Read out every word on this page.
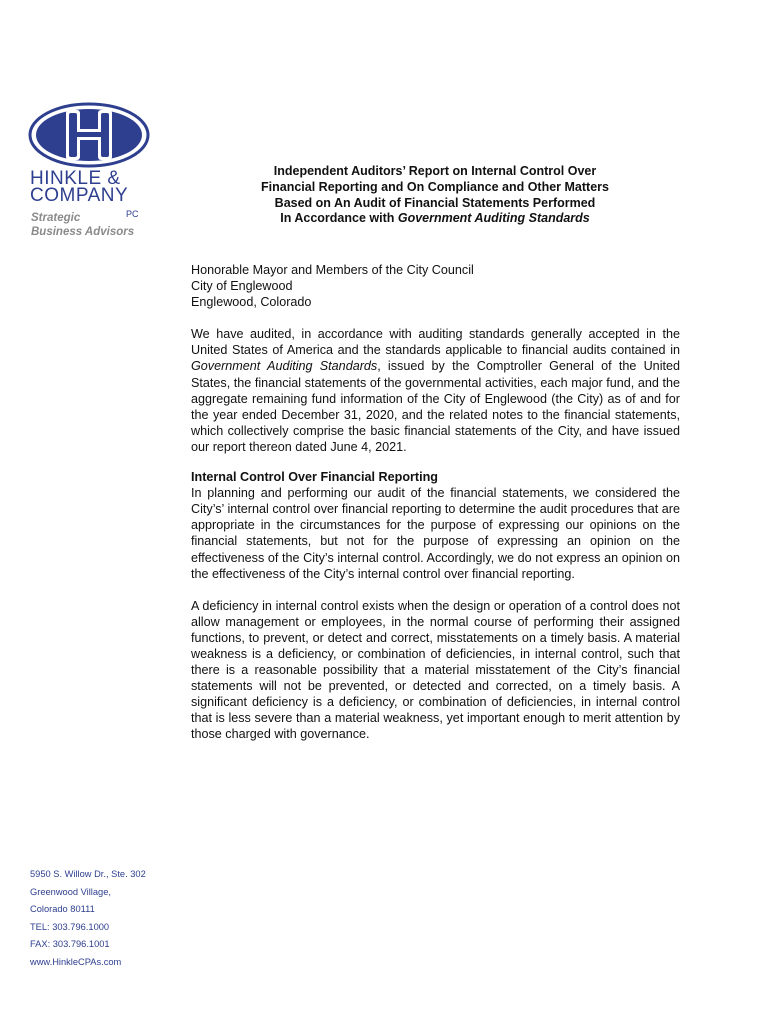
HINKLE &
COMPANY
PC
Strategic
Business Advisors
Independent Auditors’ Report on Internal Control Over
Financial Reporting and On Compliance and Other Matters
Based on An Audit of Financial Statements Performed
In Accordance with Government Auditing Standards
Honorable Mayor and Members of the City Council
City of Englewood
Englewood, Colorado

We have audited, in accordance with auditing standards generally accepted in the United States of America and the standards applicable to financial audits contained in Government Auditing Standards, issued by the Comptroller General of the United States, the financial statements of the governmental activities, each major fund, and the aggregate remaining fund information of the City of Englewood (the City) as of and for the year ended December 31, 2020, and the related notes to the financial statements, which collectively comprise the basic financial statements of the City, and have issued our report thereon dated June 4, 2021.

Internal Control Over Financial Reporting

In planning and performing our audit of the financial statements, we considered the City’s’ internal control over financial reporting to determine the audit procedures that are appropriate in the circumstances for the purpose of expressing our opinions on the financial statements, but not for the purpose of expressing an opinion on the effectiveness of the City’s internal control. Accordingly, we do not express an opinion on the effectiveness of the City’s internal control over financial reporting.

A deficiency in internal control exists when the design or operation of a control does not allow management or employees, in the normal course of performing their assigned functions, to prevent, or detect and correct, misstatements on a timely basis. A material weakness is a deficiency, or combination of deficiencies, in internal control, such that there is a reasonable possibility that a material misstatement of the City’s financial statements will not be prevented, or detected and corrected, on a timely basis. A significant deficiency is a deficiency, or combination of deficiencies, in internal control that is less severe than a material weakness, yet important enough to merit attention by those charged with governance.

5950 S. Willow Dr., Ste. 302
Greenwood Village,
Colorado 80111
TEL: 303.796.1000
FAX: 303.796.1001
www.HinkleCPAs.com
